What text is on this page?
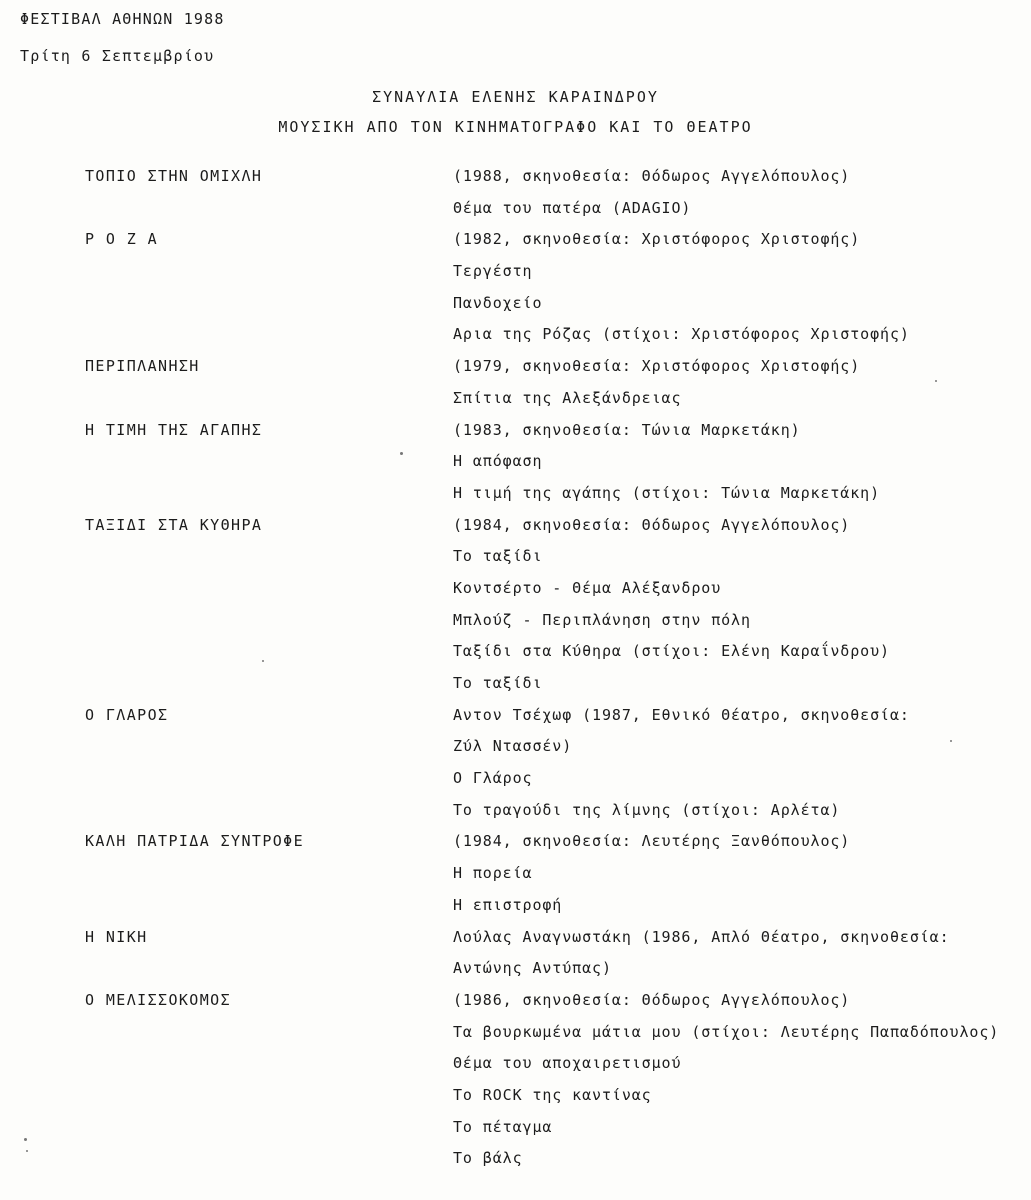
ΦΕΣΤΙΒΑΛ ΑΘΗΝΩΝ 1988
Τρίτη 6 Σεπτεμβρίου
ΣΥΝΑΥΛΙΑ ΕΛΕΝΗΣ ΚΑΡΑΙΝΔΡΟΥ
ΜΟΥΣΙΚΗ ΑΠΟ ΤΟΝ ΚΙΝΗΜΑΤΟΓΡΑΦΟ ΚΑΙ ΤΟ ΘΕΑΤΡΟ
ΤΟΠΙΟ ΣΤΗΝ ΟΜΙΧΛΗ	(1988, σκηνοθεσία: Θόδωρος Αγγελόπουλος)
Θέμα του πατέρα (ADAGIO)
Ρ Ο Ζ Α	(1982, σκηνοθεσία: Χριστόφορος Χριστοφής)
Τεργέστη
Πανδοχείο
Αρια της Ρόζας (στίχοι: Χριστόφορος Χριστοφής)
ΠΕΡΙΠΛΑΝΗΣΗ	(1979, σκηνοθεσία: Χριστόφορος Χριστοφής)
Σπίτια της Αλεξάνδρειας
Η ΤΙΜΗ ΤΗΣ ΑΓΑΠΗΣ	(1983, σκηνοθεσία: Τώνια Μαρκετάκη)
Η απόφαση
Η τιμή της αγάπης (στίχοι: Τώνια Μαρκετάκη)
ΤΑΞΙΔΙ ΣΤΑ ΚΥΘΗΡΑ	(1984, σκηνοθεσία: Θόδωρος Αγγελόπουλος)
Το ταξίδι
Κοντσέρτο - Θέμα Αλέξανδρου
Μπλούζ - Περιπλάνηση στην πόλη
Ταξίδι στα Κύθηρα (στίχοι: Ελένη Καραΐνδρου)
Το ταξίδι
Ο ΓΛΑΡΟΣ	Αντον Τσέχωφ (1987, Εθνικό Θέατρο, σκηνοθεσία:
Ζύλ Ντασσέν)
Ο Γλάρος
Το τραγούδι της λίμνης (στίχοι: Αρλέτα)
ΚΑΛΗ ΠΑΤΡΙΔΑ ΣΥΝΤΡΟΦΕ	(1984, σκηνοθεσία: Λευτέρης Ξανθόπουλος)
Η πορεία
Η επιστροφή
Η ΝΙΚΗ	Λούλας Αναγνωστάκη (1986, Απλό Θέατρο, σκηνοθεσία:
Αντώνης Αντύπας)
Ο ΜΕΛΙΣΣΟΚΟΜΟΣ	(1986, σκηνοθεσία: Θόδωρος Αγγελόπουλος)
Τα βουρκωμένα μάτια μου (στίχοι: Λευτέρης Παπαδόπουλος)
Θέμα του αποχαιρετισμού
Το ROCK της καντίνας
Το πέταγμα
Το βάλς
